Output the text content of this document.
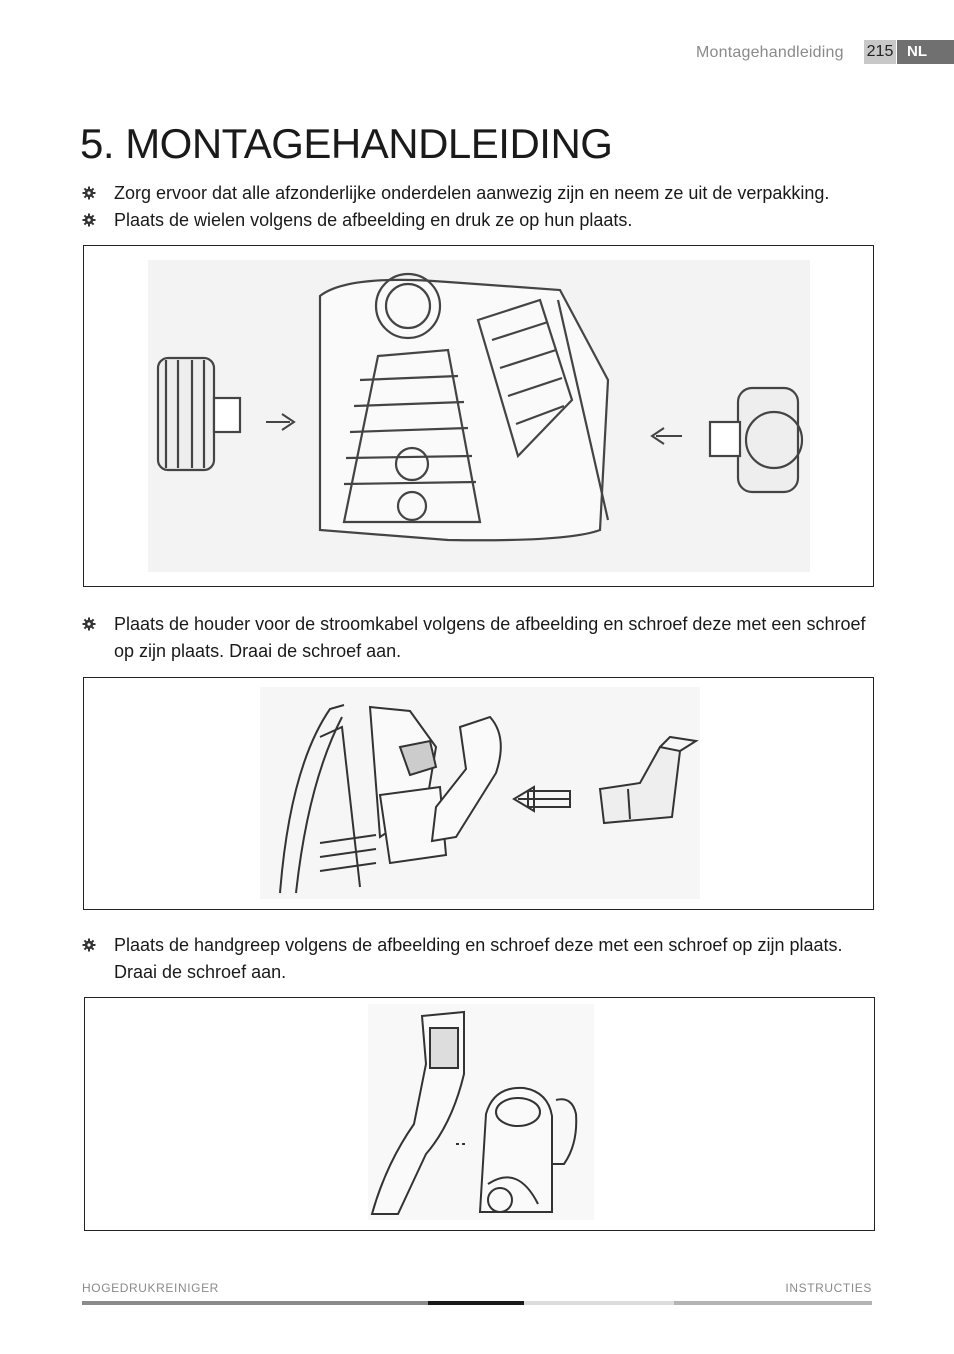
Montagehandleiding 215 NL
5. MONTAGEHANDLEIDING
Zorg ervoor dat alle afzonderlijke onderdelen aanwezig zijn en neem ze uit de verpakking.
Plaats de wielen volgens de afbeelding en druk ze op hun plaats.
Plaats de houder voor de stroomkabel volgens de afbeelding en schroef deze met een schroef op zijn plaats. Draai de schroef aan.
Plaats de handgreep volgens de afbeelding en schroef deze met een schroef op zijn plaats. Draai de schroef aan.
HOGEDRUKREINIGER	INSTRUCTIES
